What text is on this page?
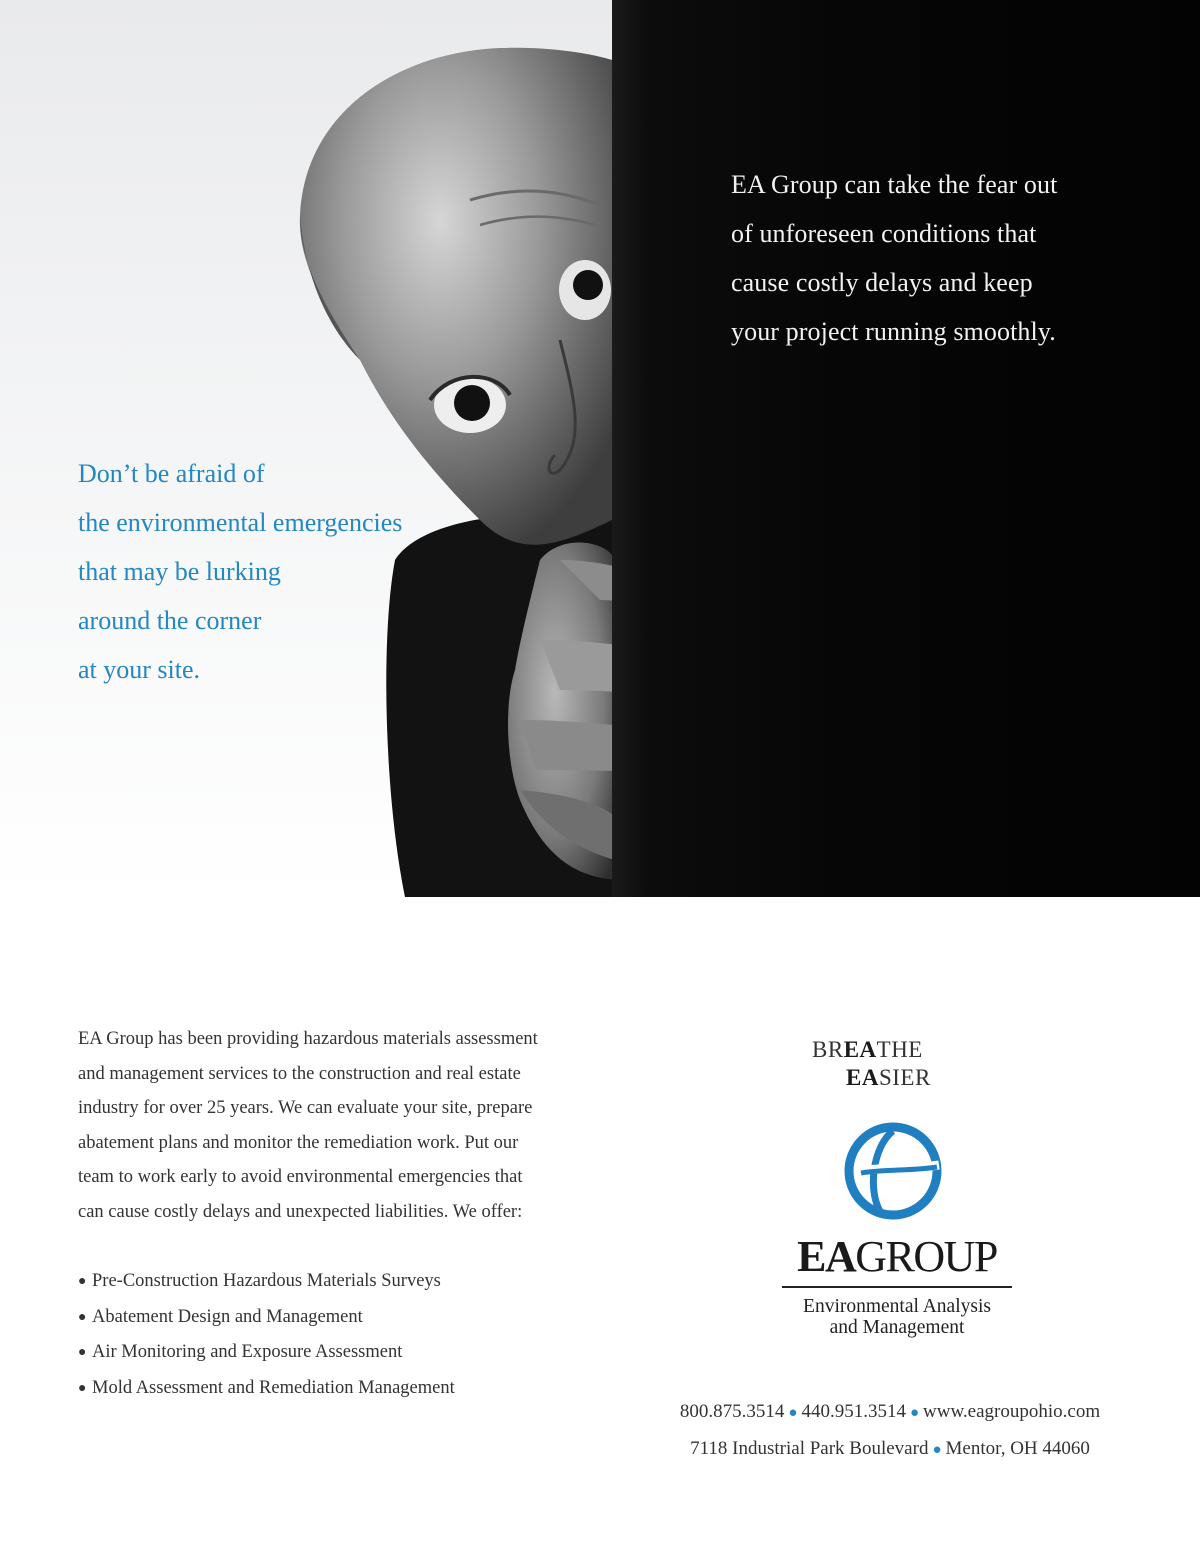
EA Group can take the fear out
of unforeseen conditions that
cause costly delays and keep
your project running smoothly.
Don’t be afraid of
the environmental emergencies
that may be lurking
around the corner
at your site.
EA Group has been providing hazardous materials assessment
and management services to the construction and real estate
industry for over 25 years. We can evaluate your site, prepare
abatement plans and monitor the remediation work. Put our
team to work early to avoid environmental emergencies that
can cause costly delays and unexpected liabilities. We offer:
● Pre-Construction Hazardous Materials Surveys
● Abatement Design and Management
● Air Monitoring and Exposure Assessment
● Mold Assessment and Remediation Management
BREATHE
EASIER
EAGROUP
Environmental Analysis
and Management
800.875.3514 ● 440.951.3514 ● www.eagroupohio.com
7118 Industrial Park Boulevard ● Mentor, OH 44060
